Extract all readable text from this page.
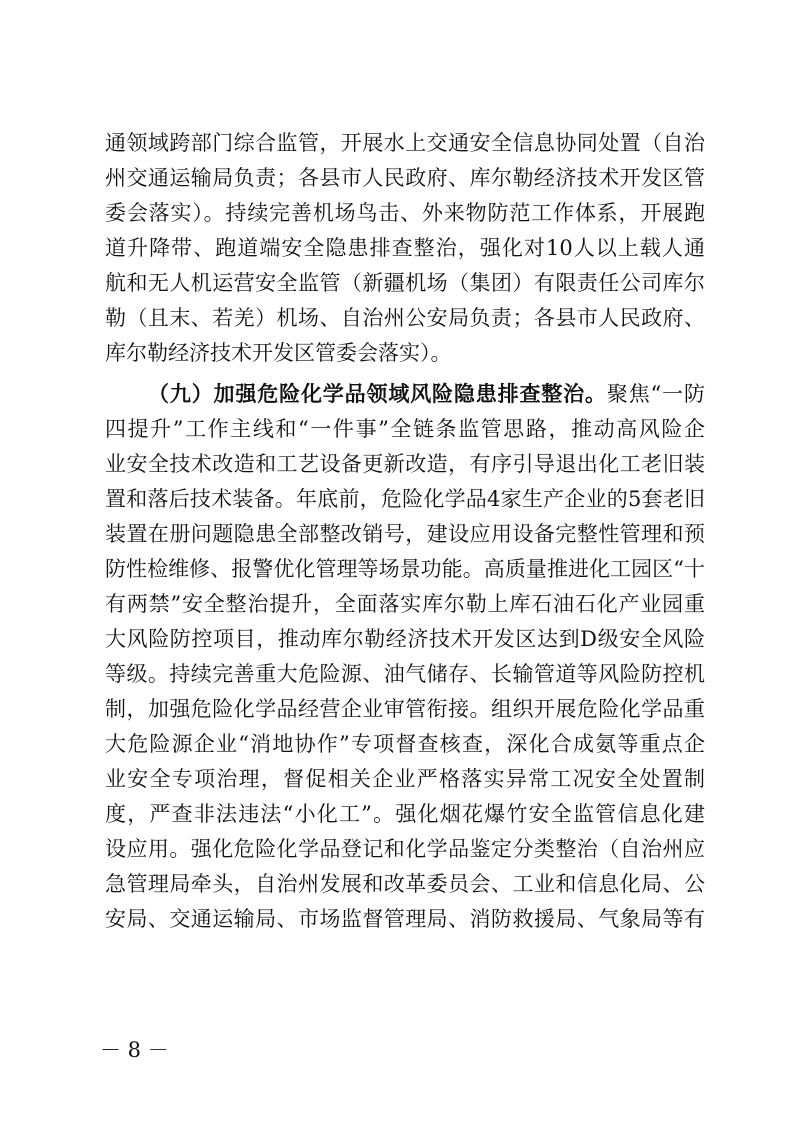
通领域跨部门综合监管，开展水上交通安全信息协同处置（自治
州交通运输局负责；各县市人民政府、库尔勒经济技术开发区管
委会落实）。持续完善机场鸟击、外来物防范工作体系，开展跑
道升降带、跑道端安全隐患排查整治，强化对10人以上载人通
航和无人机运营安全监管（新疆机场（集团）有限责任公司库尔
勒（且末、若羌）机场、自治州公安局负责；各县市人民政府、
库尔勒经济技术开发区管委会落实）。
（九）加强危险化学品领域风险隐患排查整治。聚焦“一防
四提升”工作主线和“一件事”全链条监管思路，推动高风险企
业安全技术改造和工艺设备更新改造，有序引导退出化工老旧装
置和落后技术装备。年底前，危险化学品4家生产企业的5套老旧
装置在册问题隐患全部整改销号，建设应用设备完整性管理和预
防性检维修、报警优化管理等场景功能。高质量推进化工园区“十
有两禁”安全整治提升，全面落实库尔勒上库石油石化产业园重
大风险防控项目，推动库尔勒经济技术开发区达到D级安全风险
等级。持续完善重大危险源、油气储存、长输管道等风险防控机
制，加强危险化学品经营企业审管衔接。组织开展危险化学品重
大危险源企业“消地协作”专项督查核查，深化合成氨等重点企
业安全专项治理，督促相关企业严格落实异常工况安全处置制
度，严查非法违法“小化工”。强化烟花爆竹安全监管信息化建
设应用。强化危险化学品登记和化学品鉴定分类整治（自治州应
急管理局牵头，自治州发展和改革委员会、工业和信息化局、公
安局、交通运输局、市场监督管理局、消防救援局、气象局等有
－ 8 －
